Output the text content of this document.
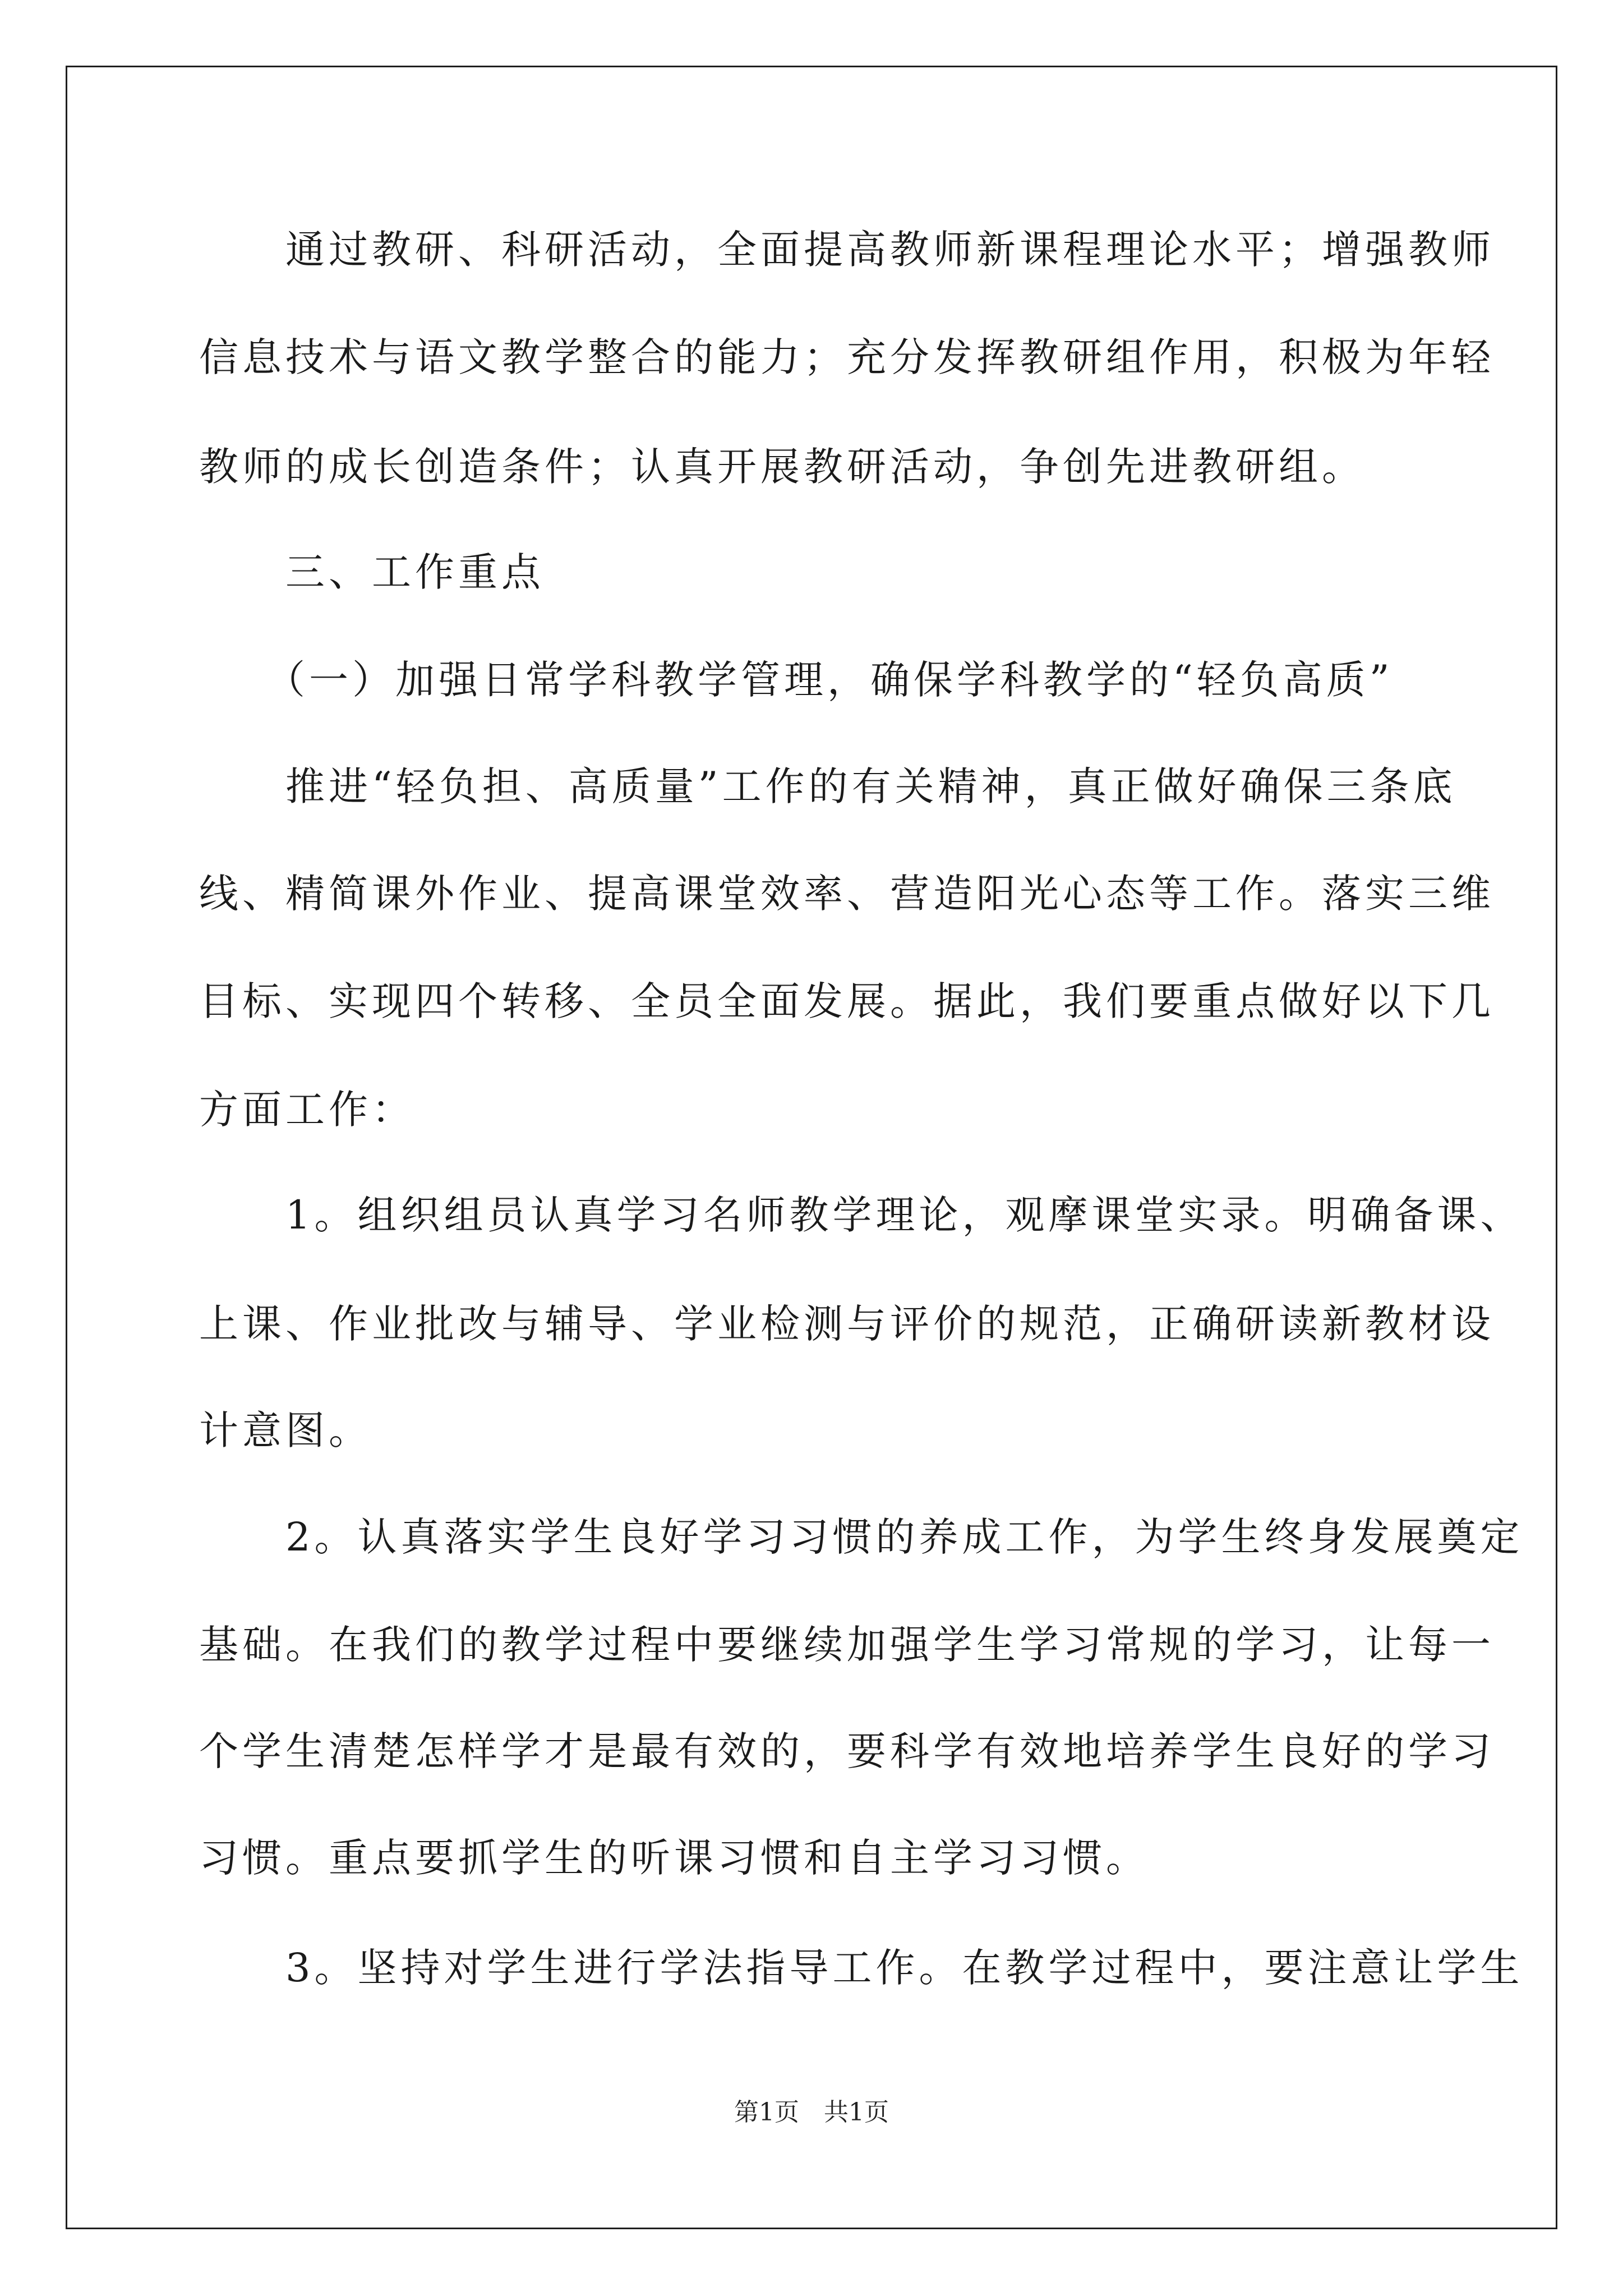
　　通过教研、科研活动，全面提高教师新课程理论水平；增强教师
信息技术与语文教学整合的能力；充分发挥教研组作用，积极为年轻
教师的成长创造条件；认真开展教研活动，争创先进教研组。
　　三、工作重点
　　（一）加强日常学科教学管理，确保学科教学的“轻负高质”
　　推进“轻负担、高质量”工作的有关精神，真正做好确保三条底
线、精简课外作业、提高课堂效率、营造阳光心态等工作。落实三维
目标、实现四个转移、全员全面发展。据此，我们要重点做好以下几
方面工作：
　　1。组织组员认真学习名师教学理论，观摩课堂实录。明确备课、
上课、作业批改与辅导、学业检测与评价的规范，正确研读新教材设
计意图。
　　2。认真落实学生良好学习习惯的养成工作，为学生终身发展奠定
基础。在我们的教学过程中要继续加强学生学习常规的学习，让每一
个学生清楚怎样学才是最有效的，要科学有效地培养学生良好的学习
习惯。重点要抓学生的听课习惯和自主学习习惯。
　　3。坚持对学生进行学法指导工作。在教学过程中，要注意让学生
第1页　共1页
